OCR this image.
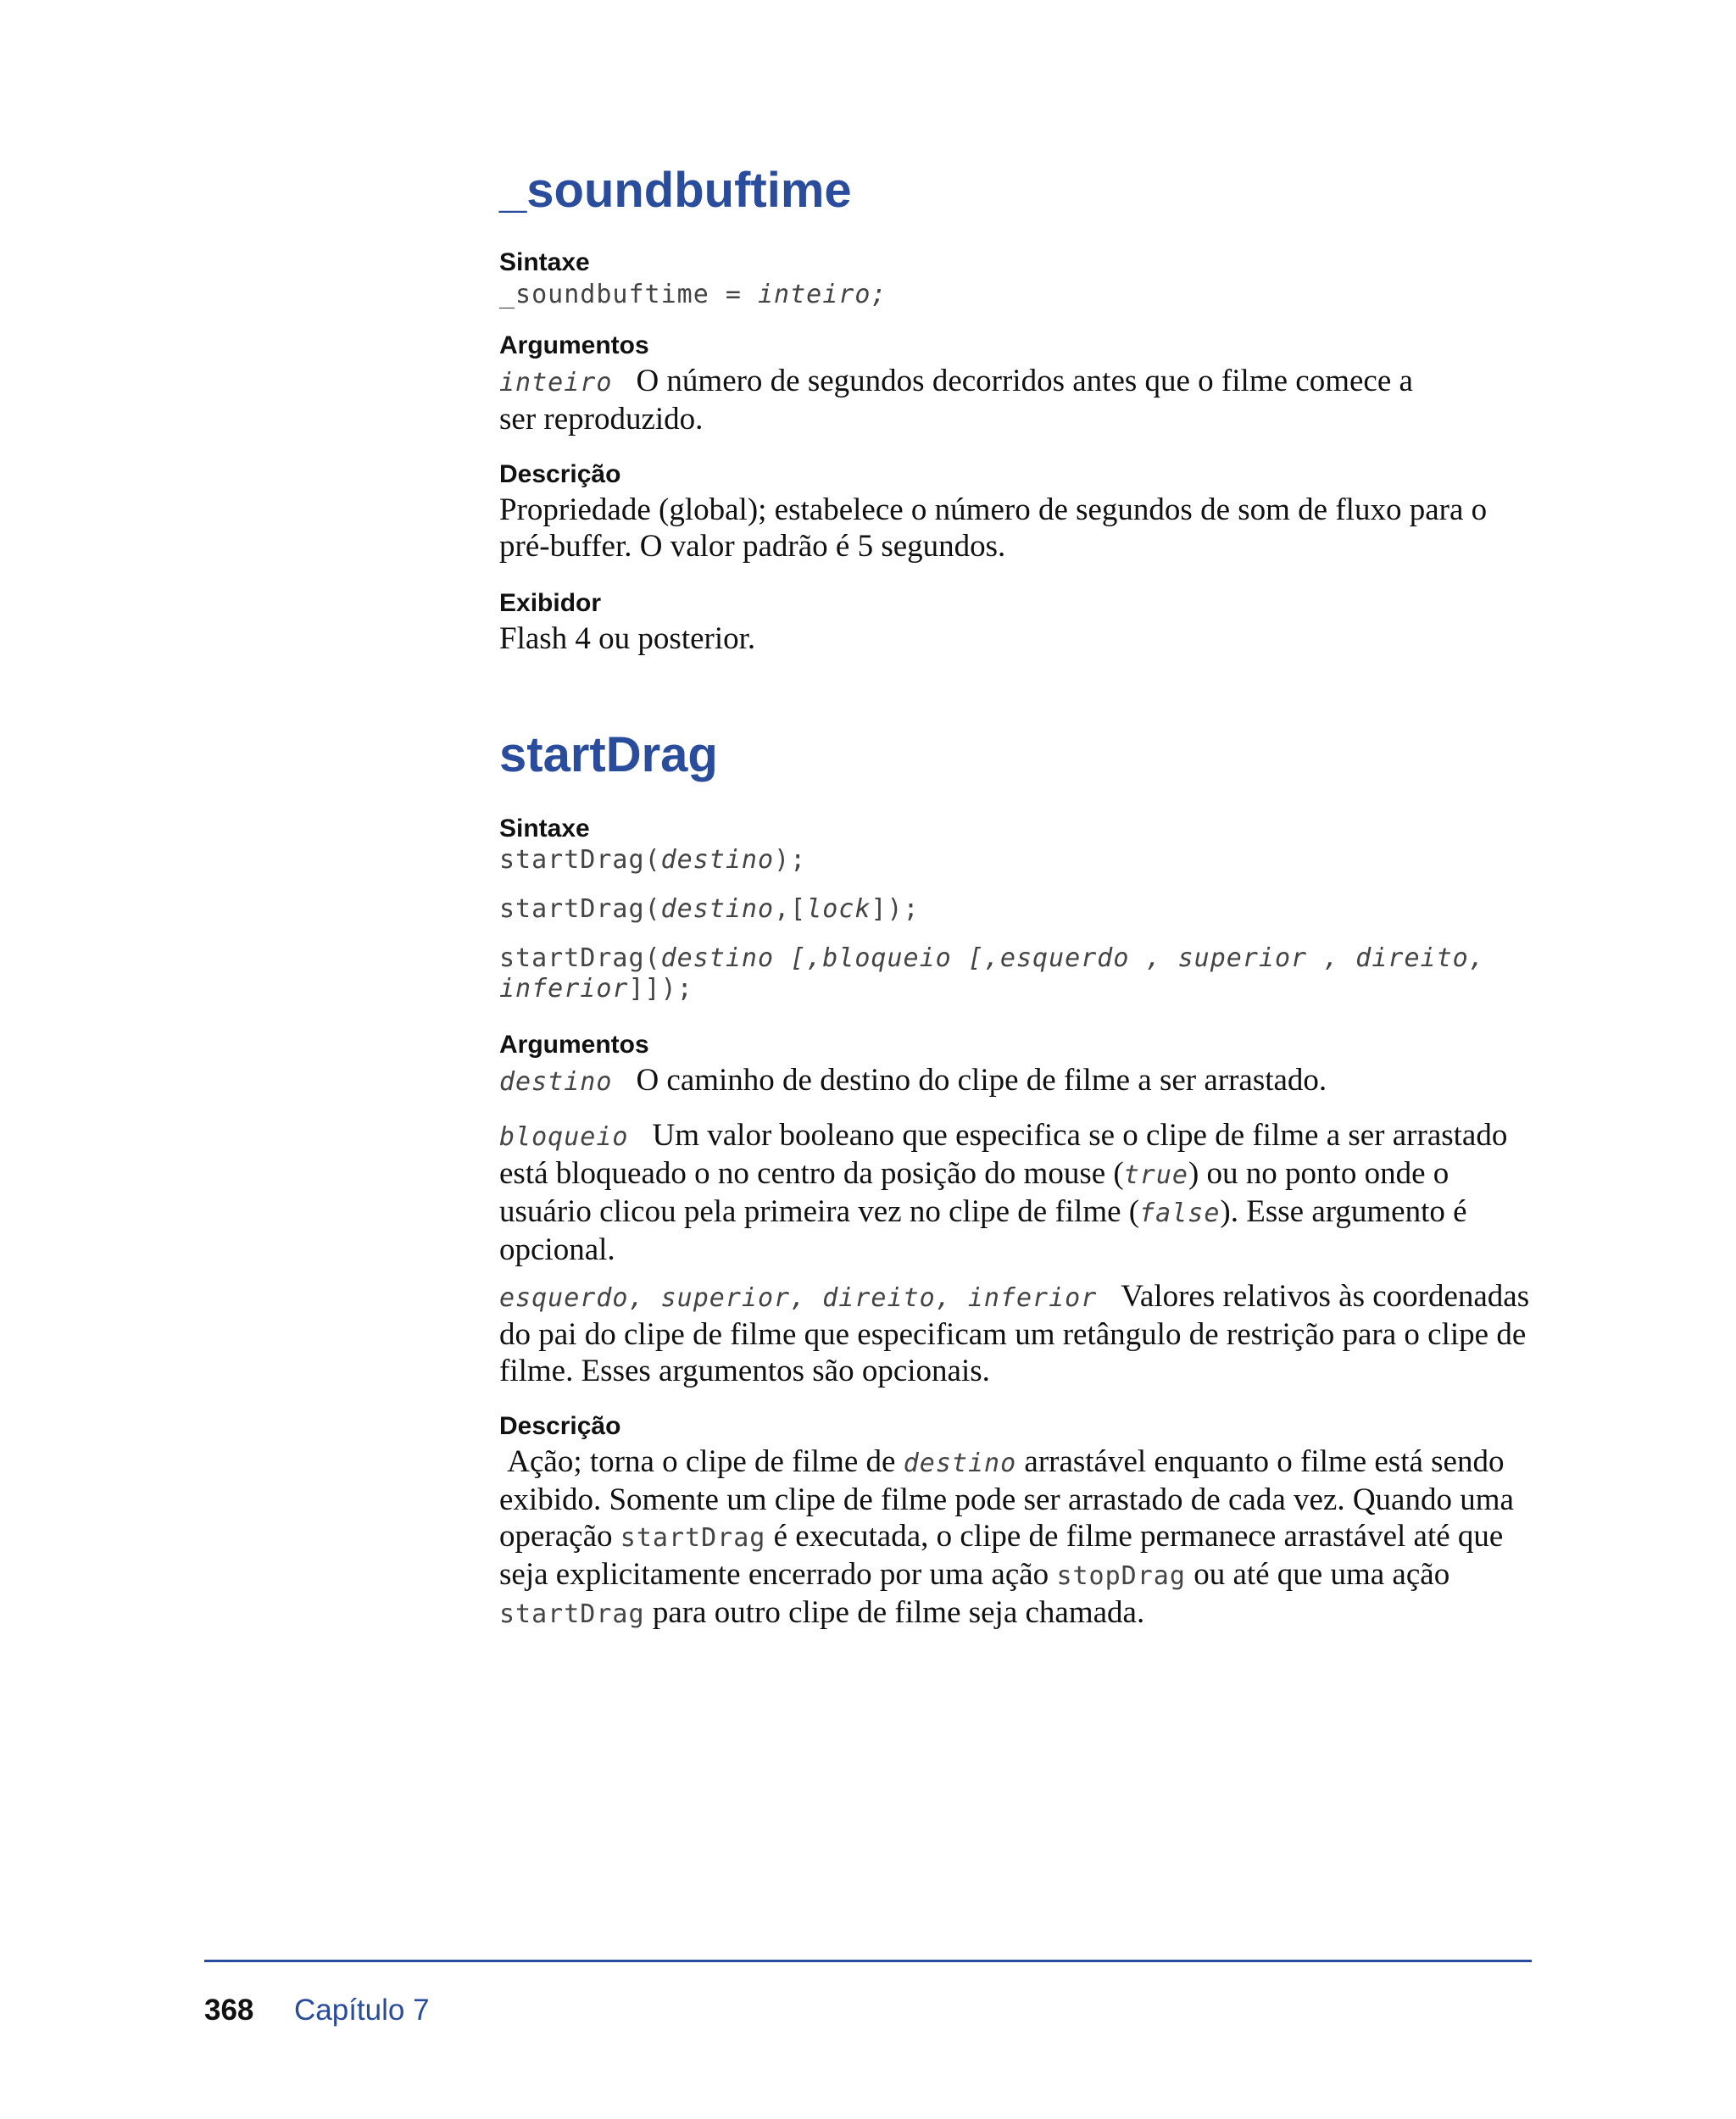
_soundbuftime
Sintaxe
_soundbuftime = inteiro;
Argumentos
inteiro O número de segundos decorridos antes que o filme comece a
ser reproduzido.
Descrição
Propriedade (global); estabelece o número de segundos de som de fluxo para o
pré-buffer. O valor padrão é 5 segundos.
Exibidor
Flash 4 ou posterior.
startDrag
Sintaxe
startDrag(destino);
startDrag(destino,[lock]);
startDrag(destino [,bloqueio [,esquerdo , superior , direito,
inferior]]);
Argumentos
destino O caminho de destino do clipe de filme a ser arrastado.
bloqueio Um valor booleano que especifica se o clipe de filme a ser arrastado
está bloqueado o no centro da posição do mouse (true) ou no ponto onde o
usuário clicou pela primeira vez no clipe de filme (false). Esse argumento é
opcional.
esquerdo, superior, direito, inferior Valores relativos às coordenadas
do pai do clipe de filme que especificam um retângulo de restrição para o clipe de
filme. Esses argumentos são opcionais.
Descrição
Ação; torna o clipe de filme de destino arrastável enquanto o filme está sendo
exibido. Somente um clipe de filme pode ser arrastado de cada vez. Quando uma
operação startDrag é executada, o clipe de filme permanece arrastável até que
seja explicitamente encerrado por uma ação stopDrag ou até que uma ação
startDrag para outro clipe de filme seja chamada.
368 Capítulo 7
